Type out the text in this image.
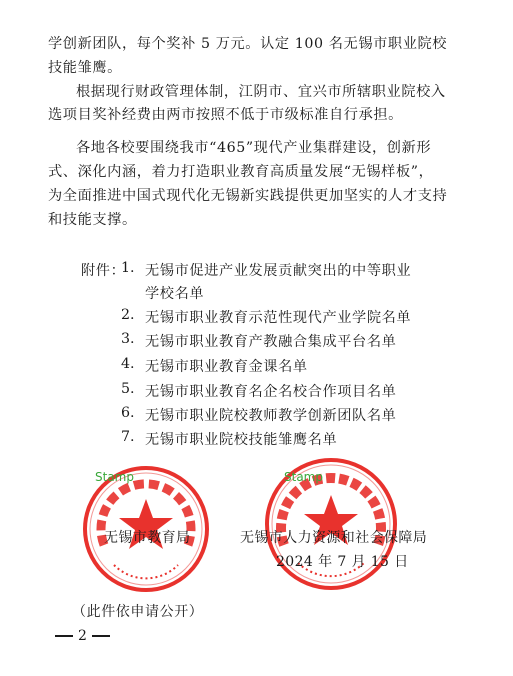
学创新团队，每个奖补 5 万元。认定 100 名无锡市职业院校
技能雏鹰。
根据现行财政管理体制，江阴市、宜兴市所辖职业院校入
选项目奖补经费由两市按照不低于市级标准自行承担。
各地各校要围绕我市“465”现代产业集群建设，创新形
式、深化内涵，着力打造职业教育高质量发展“无锡样板”，
为全面推进中国式现代化无锡新实践提供更加坚实的人才支持
和技能支撑。
附件：
1. 无锡市促进产业发展贡献突出的中等职业
学校名单
2. 无锡市职业教育示范性现代产业学院名单
3. 无锡市职业教育产教融合集成平台名单
4. 无锡市职业教育金课名单
5. 无锡市职业教育名企名校合作项目名单
6. 无锡市职业院校教师教学创新团队名单
7. 无锡市职业院校技能雏鹰名单
Stamp	Stamp
无锡市教育局	无锡市人力资源和社会保障局
2024 年 7 月 15 日
（此件依申请公开）
2
